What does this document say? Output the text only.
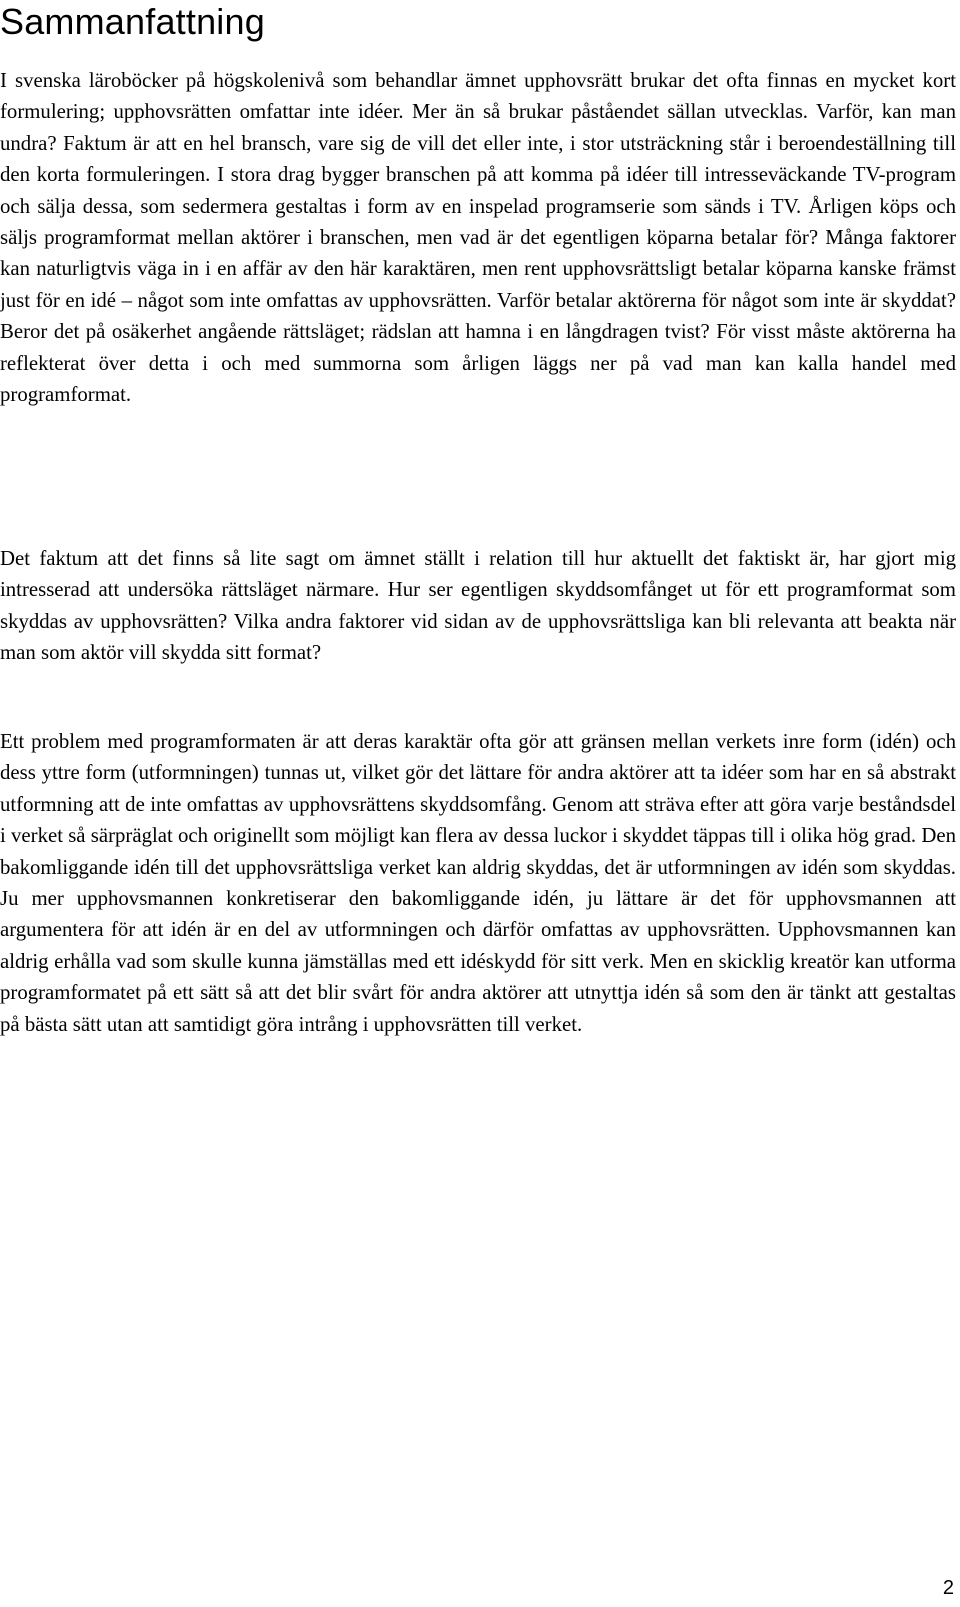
Sammanfattning

I svenska läroböcker på högskolenivå som behandlar ämnet upphovsrätt brukar det ofta finnas en mycket kort formulering; upphovsrätten omfattar inte idéer. Mer än så brukar påståendet sällan utvecklas. Varför, kan man undra? Faktum är att en hel bransch, vare sig de vill det eller inte, i stor utsträckning står i beroendeställning till den korta formuleringen. I stora drag bygger branschen på att komma på idéer till intresseväckande TV-program och sälja dessa, som sedermera gestaltas i form av en inspelad programserie som sänds i TV. Årligen köps och säljs programformat mellan aktörer i branschen, men vad är det egentligen köparna betalar för? Många faktorer kan naturligtvis väga in i en affär av den här karaktären, men rent upphovsrättsligt betalar köparna kanske främst just för en idé – något som inte omfattas av upphovsrätten. Varför betalar aktörerna för något som inte är skyddat? Beror det på osäkerhet angående rättsläget; rädslan att hamna i en långdragen tvist? För visst måste aktörerna ha reflekterat över detta i och med summorna som årligen läggs ner på vad man kan kalla handel med programformat.

Det faktum att det finns så lite sagt om ämnet ställt i relation till hur aktuellt det faktiskt är, har gjort mig intresserad att undersöka rättsläget närmare. Hur ser egentligen skyddsomfånget ut för ett programformat som skyddas av upphovsrätten? Vilka andra faktorer vid sidan av de upphovsrättsliga kan bli relevanta att beakta när man som aktör vill skydda sitt format?

Ett problem med programformaten är att deras karaktär ofta gör att gränsen mellan verkets inre form (idén) och dess yttre form (utformningen) tunnas ut, vilket gör det lättare för andra aktörer att ta idéer som har en så abstrakt utformning att de inte omfattas av upphovsrättens skyddsomfång. Genom att sträva efter att göra varje beståndsdel i verket så särpräglat och originellt som möjligt kan flera av dessa luckor i skyddet täppas till i olika hög grad. Den bakomliggande idén till det upphovsrättsliga verket kan aldrig skyddas, det är utformningen av idén som skyddas. Ju mer upphovsmannen konkretiserar den bakomliggande idén, ju lättare är det för upphovsmannen att argumentera för att idén är en del av utformningen och därför omfattas av upphovsrätten. Upphovsmannen kan aldrig erhålla vad som skulle kunna jämställas med ett idéskydd för sitt verk. Men en skicklig kreatör kan utforma programformatet på ett sätt så att det blir svårt för andra aktörer att utnyttja idén så som den är tänkt att gestaltas på bästa sätt utan att samtidigt göra intrång i upphovsrätten till verket.

2
